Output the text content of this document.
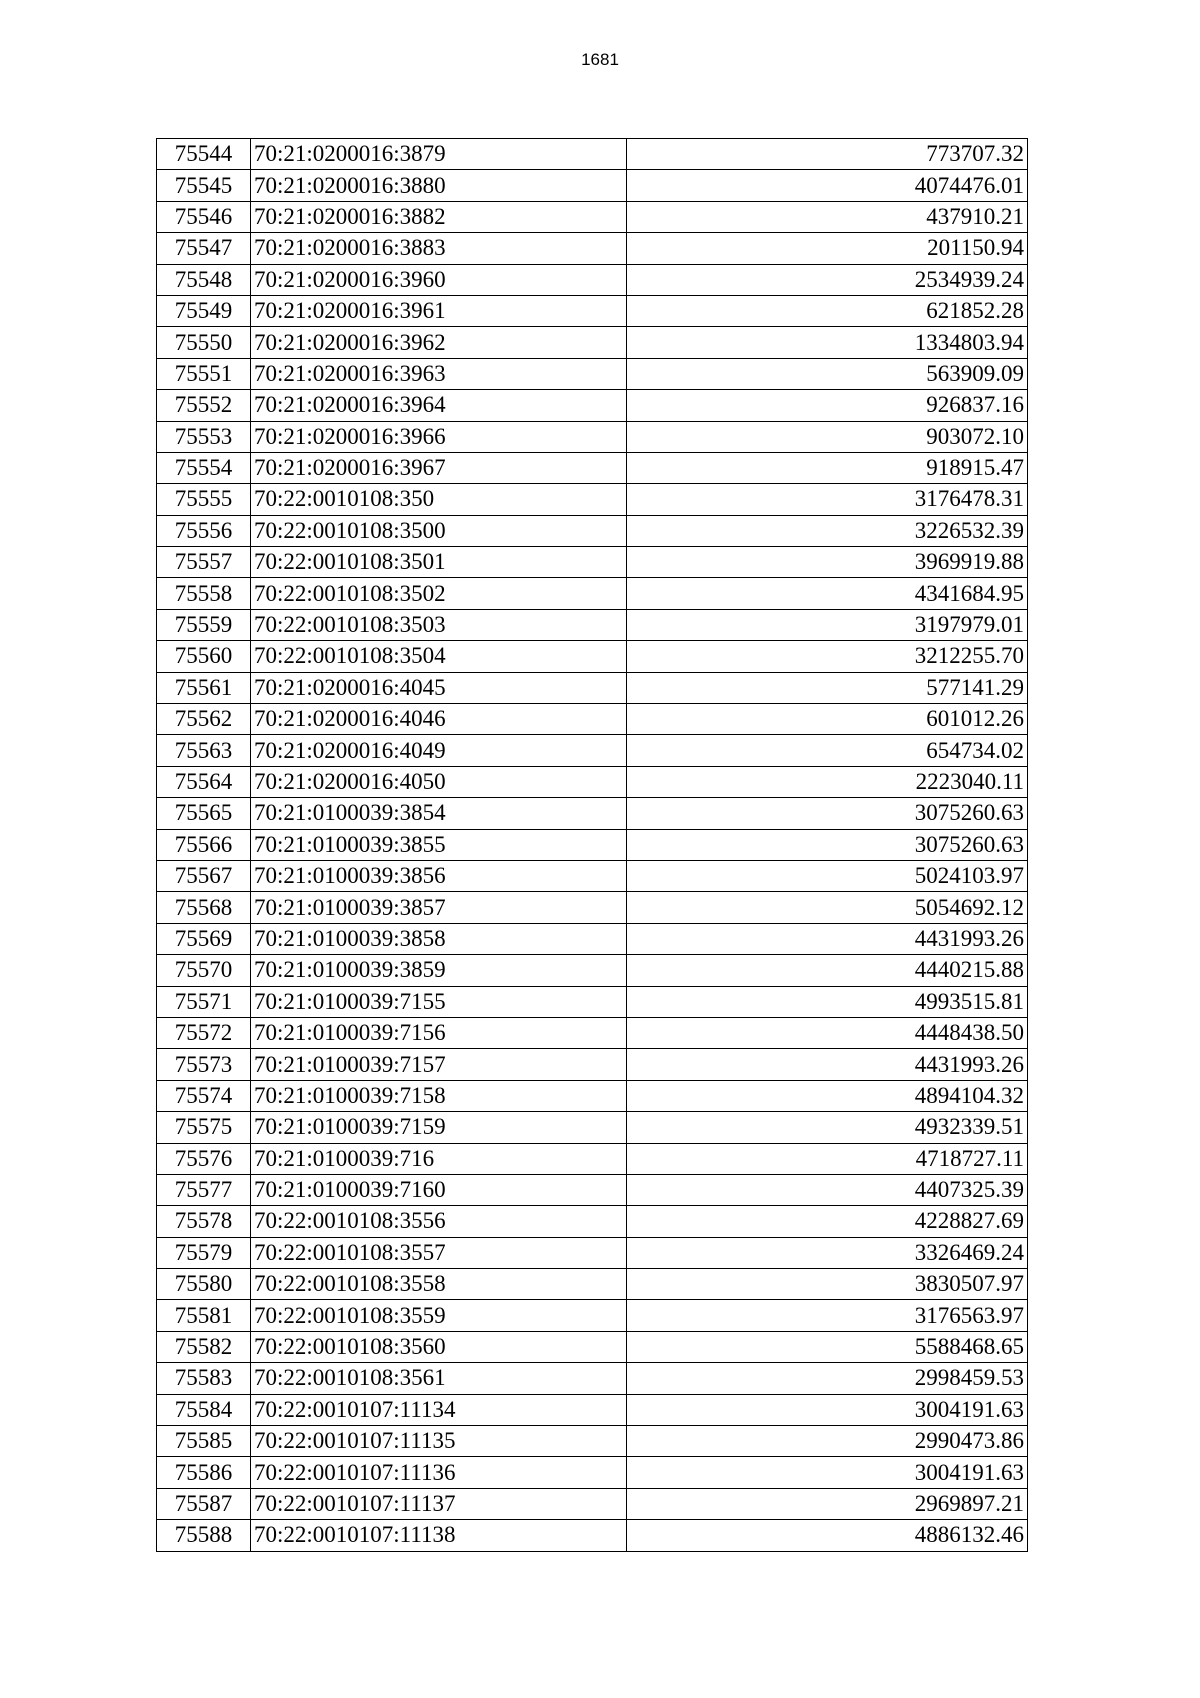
1681
75544	70:21:0200016:3879	773707.32
75545	70:21:0200016:3880	4074476.01
75546	70:21:0200016:3882	437910.21
75547	70:21:0200016:3883	201150.94
75548	70:21:0200016:3960	2534939.24
75549	70:21:0200016:3961	621852.28
75550	70:21:0200016:3962	1334803.94
75551	70:21:0200016:3963	563909.09
75552	70:21:0200016:3964	926837.16
75553	70:21:0200016:3966	903072.10
75554	70:21:0200016:3967	918915.47
75555	70:22:0010108:350	3176478.31
75556	70:22:0010108:3500	3226532.39
75557	70:22:0010108:3501	3969919.88
75558	70:22:0010108:3502	4341684.95
75559	70:22:0010108:3503	3197979.01
75560	70:22:0010108:3504	3212255.70
75561	70:21:0200016:4045	577141.29
75562	70:21:0200016:4046	601012.26
75563	70:21:0200016:4049	654734.02
75564	70:21:0200016:4050	2223040.11
75565	70:21:0100039:3854	3075260.63
75566	70:21:0100039:3855	3075260.63
75567	70:21:0100039:3856	5024103.97
75568	70:21:0100039:3857	5054692.12
75569	70:21:0100039:3858	4431993.26
75570	70:21:0100039:3859	4440215.88
75571	70:21:0100039:7155	4993515.81
75572	70:21:0100039:7156	4448438.50
75573	70:21:0100039:7157	4431993.26
75574	70:21:0100039:7158	4894104.32
75575	70:21:0100039:7159	4932339.51
75576	70:21:0100039:716	4718727.11
75577	70:21:0100039:7160	4407325.39
75578	70:22:0010108:3556	4228827.69
75579	70:22:0010108:3557	3326469.24
75580	70:22:0010108:3558	3830507.97
75581	70:22:0010108:3559	3176563.97
75582	70:22:0010108:3560	5588468.65
75583	70:22:0010108:3561	2998459.53
75584	70:22:0010107:11134	3004191.63
75585	70:22:0010107:11135	2990473.86
75586	70:22:0010107:11136	3004191.63
75587	70:22:0010107:11137	2969897.21
75588	70:22:0010107:11138	4886132.46
